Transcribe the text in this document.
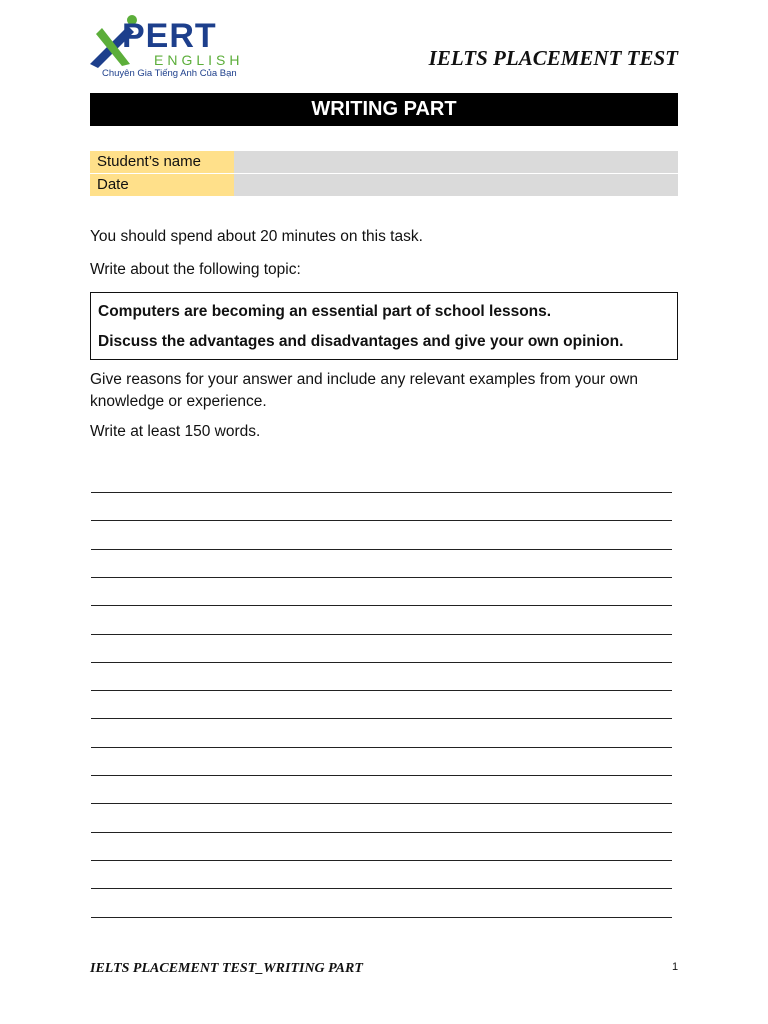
PERT
ENGLISH
Chuyên Gia Tiếng Anh Của Bạn
IELTS PLACEMENT TEST
WRITING PART
Student’s name	
Date	
You should spend about 20 minutes on this task.
Write about the following topic:

Computers are becoming an essential part of school lessons.

Discuss the advantages and disadvantages and give your own opinion.

Give reasons for your answer and include any relevant examples from your own knowledge or experience.
Write at least 150 words.
IELTS PLACEMENT TEST_WRITING PART	1
